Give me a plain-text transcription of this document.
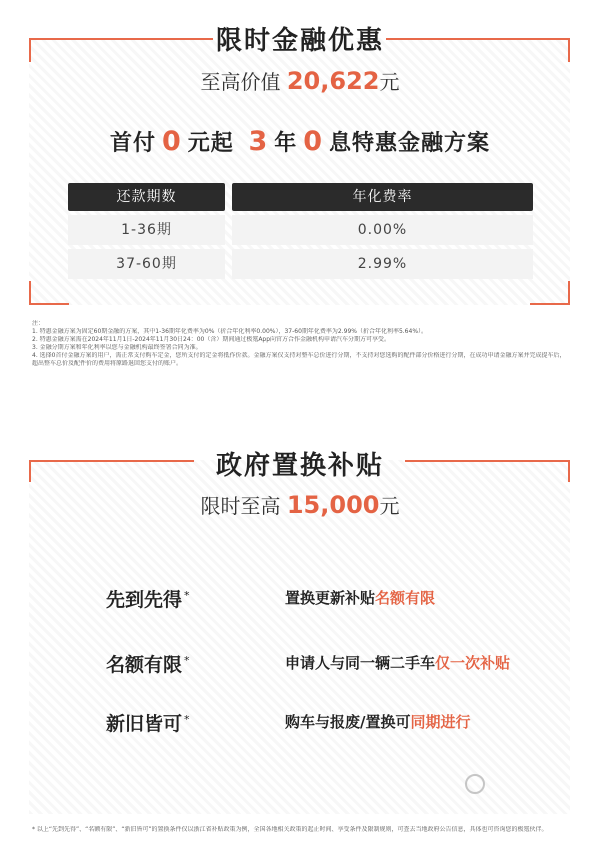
限时金融优惠
至高价值 20,622元
首付 0 元起 3 年 0 息特惠金融方案
还款期数	年化费率
1-36期	0.00%
37-60期	2.99%
注：
1. 特惠金融方案为固定60期金融的方案，其中1-36期年化费率为0%（折合年化利率0.00%），37-60期年化费率为2.99%（折合年化利率5.64%）。
2. 特惠金融方案需在2024年11月1日-2024年11月30日24：00（含）期间通过极氪App向官方合作金融机构申请汽车分期方可享受。
3. 金融分期方案和年化利率以您与金融机构最终签署合同为准。
4. 选择0首付金融方案的用户，需正常支付购车定金，您所支付的定金将抵作价款。金融方案仅支持对整车总价进行分期，不支持对您选购的配件部分价格进行分期，在成功申请金融方案并完成提车后，
超出整车总价及配件价的费用将原路退回您支付的账户。
政府置换补贴
限时至高 15,000元
先到先得 *	置换更新补贴名额有限
名额有限 *	申请人与同一辆二手车仅一次补贴
新旧皆可 *	购车与报废/置换可同期进行
* 以上“先到先得”、“名额有限”、“新旧皆可”的置换条件仅以浙江省补贴政策为例，全国各地相关政策的起止时间、享受条件及限制规则，可查去当地政府公告信息，具体也可咨询您的极氪伙伴。
